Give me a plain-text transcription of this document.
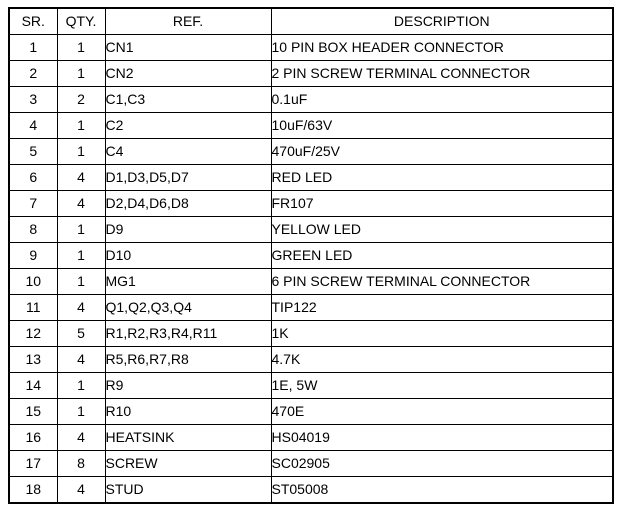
SR.	QTY.	REF.	DESCRIPTION
1	1	CN1	10 PIN BOX HEADER CONNECTOR
2	1	CN2	2 PIN SCREW TERMINAL CONNECTOR
3	2	C1,C3	0.1uF
4	1	C2	10uF/63V
5	1	C4	470uF/25V
6	4	D1,D3,D5,D7	RED LED
7	4	D2,D4,D6,D8	FR107
8	1	D9	YELLOW LED
9	1	D10	GREEN LED
10	1	MG1	6 PIN SCREW TERMINAL CONNECTOR
11	4	Q1,Q2,Q3,Q4	TIP122
12	5	R1,R2,R3,R4,R11	1K
13	4	R5,R6,R7,R8	4.7K
14	1	R9	1E, 5W
15	1	R10	470E
16	4	HEATSINK	HS04019
17	8	SCREW	SC02905
18	4	STUD	ST05008
